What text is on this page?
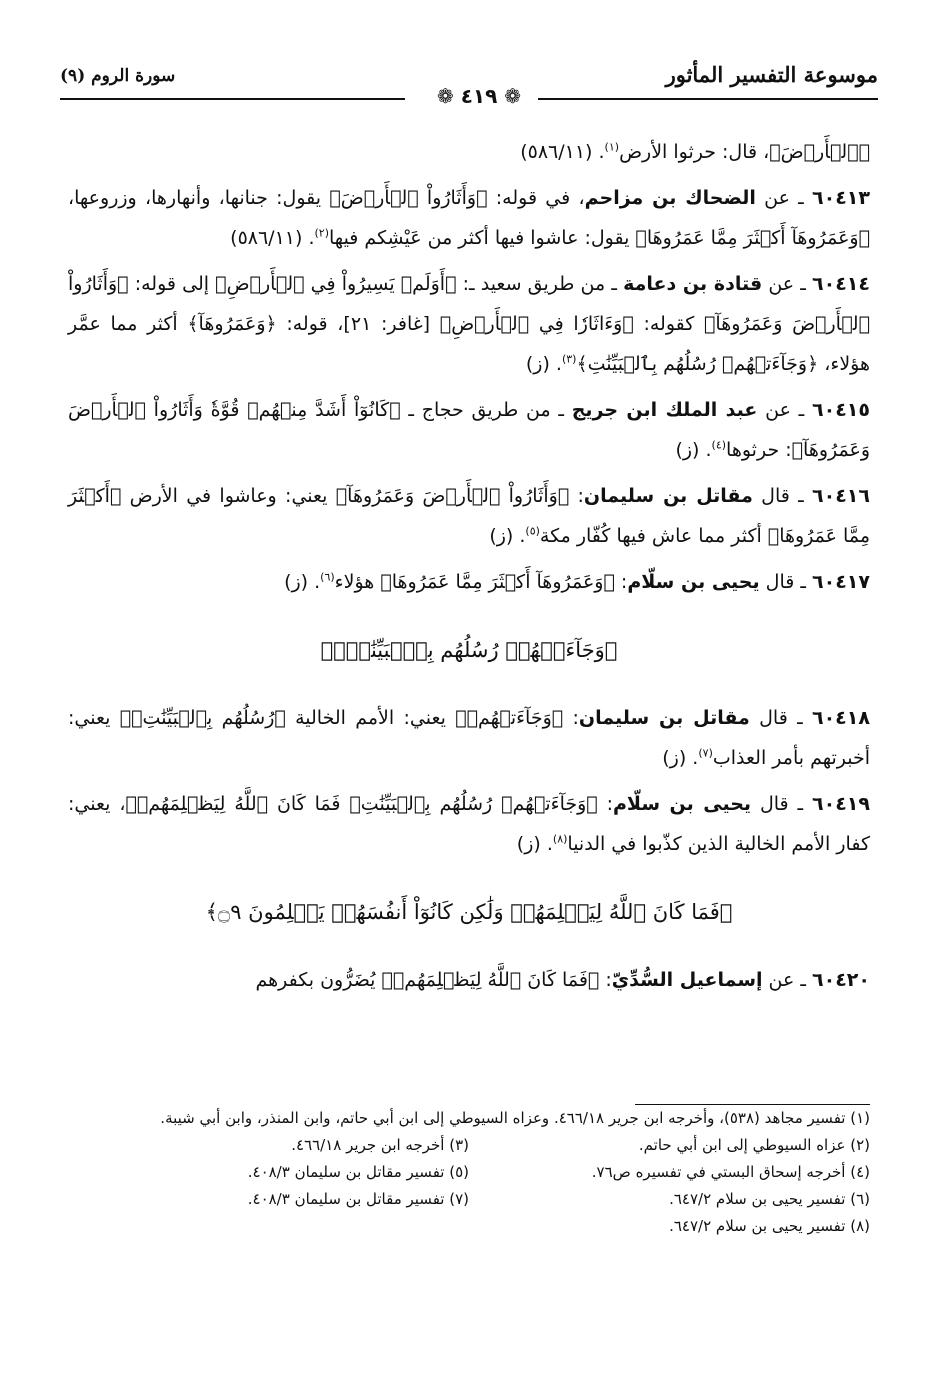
موسوعة التفسير المأثور
سورة الروم (٩)
❁ ٤١٩ ❁

﴿ٱلۡأَرۡضَ﴾، قال: حرثوا الأرض$^{(١)}$. (٥٨٦/١١)

٦٠٤١٣ ـ عن الضحاك بن مزاحم، في قوله: ﴿وَأَثَارُواْ ٱلۡأَرۡضَ﴾ يقول: جنانها، وأنهارها، وزروعها، ﴿وَعَمَرُوهَآ أَكۡثَرَ مِمَّا عَمَرُوهَا﴾ يقول: عاشوا فيها أكثر من عَيْشِكم فيها$^{(٢)}$. (٥٨٦/١١)

٦٠٤١٤ ـ عن قتادة بن دعامة ـ من طريق سعيد ـ: ﴿أَوَلَمۡ يَسِيرُواْ فِي ٱلۡأَرۡضِ﴾ إلى قوله: ﴿وَأَثَارُواْ ٱلۡأَرۡضَ وَعَمَرُوهَآ﴾ كقوله: ﴿وَءَاثَارٗا فِي ٱلۡأَرۡضِ﴾ [غافر: ٢١]، قوله: ﴿وَعَمَرُوهَآ﴾ أكثر مما عمَّر هؤلاء، ﴿وَجَآءَتۡهُمۡ رُسُلُهُم بِٱلۡبَيِّنَٰتِ﴾$^{(٣)}$. (ز)

٦٠٤١٥ ـ عن عبد الملك ابن جريج ـ من طريق حجاج ـ ﴿كَانُوٓاْ أَشَدَّ مِنۡهُمۡ قُوَّةٗ وَأَثَارُواْ ٱلۡأَرۡضَ وَعَمَرُوهَآ﴾: حرثوها$^{(٤)}$. (ز)

٦٠٤١٦ ـ قال مقاتل بن سليمان: ﴿وَأَثَارُواْ ٱلۡأَرۡضَ وَعَمَرُوهَآ﴾ يعني: وعاشوا في الأرض ﴿أَكۡثَرَ مِمَّا عَمَرُوهَا﴾ أكثر مما عاش فيها كُفّار مكة$^{(٥)}$. (ز)

٦٠٤١٧ ـ قال يحيى بن سلّام: ﴿وَعَمَرُوهَآ أَكۡثَرَ مِمَّا عَمَرُوهَا﴾ هؤلاء$^{(٦)}$. (ز)

﴿وَجَآءَتۡهُمۡ رُسُلُهُم بِٱلۡبَيِّنَٰتِۖ﴾

٦٠٤١٨ ـ قال مقاتل بن سليمان: ﴿وَجَآءَتۡهُمۡ﴾ يعني: الأمم الخالية ﴿رُسُلُهُم بِٱلۡبَيِّنَٰتِۖ﴾ يعني: أخبرتهم بأمر العذاب$^{(٧)}$. (ز)

٦٠٤١٩ ـ قال يحيى بن سلّام: ﴿وَجَآءَتۡهُمۡ رُسُلُهُم بِٱلۡبَيِّنَٰتِۖ فَمَا كَانَ ٱللَّهُ لِيَظۡلِمَهُمۡ﴾، يعني: كفار الأمم الخالية الذين كذّبوا في الدنيا$^{(٨)}$. (ز)

﴿فَمَا كَانَ ٱللَّهُ لِيَظۡلِمَهُمۡ وَلَٰكِن كَانُوٓاْ أَنفُسَهُمۡ يَظۡلِمُونَ ۝٩﴾

٦٠٤٢٠ ـ عن إسماعيل السُّدِّيّ: ﴿فَمَا كَانَ ٱللَّهُ لِيَظۡلِمَهُمۡ﴾ يُضَرُّون بكفرهم

(١) تفسير مجاهد (٥٣٨)، وأخرجه ابن جرير ٤٦٦/١٨. وعزاه السيوطي إلى ابن أبي حاتم، وابن المنذر، وابن أبي شيبة.
(٢) عزاه السيوطي إلى ابن أبي حاتم.
(٣) أخرجه ابن جرير ٤٦٦/١٨.
(٤) أخرجه إسحاق البستي في تفسيره ص٧٦.
(٥) تفسير مقاتل بن سليمان ٤٠٨/٣.
(٦) تفسير يحيى بن سلام ٦٤٧/٢.
(٧) تفسير مقاتل بن سليمان ٤٠٨/٣.
(٨) تفسير يحيى بن سلام ٦٤٧/٢.
